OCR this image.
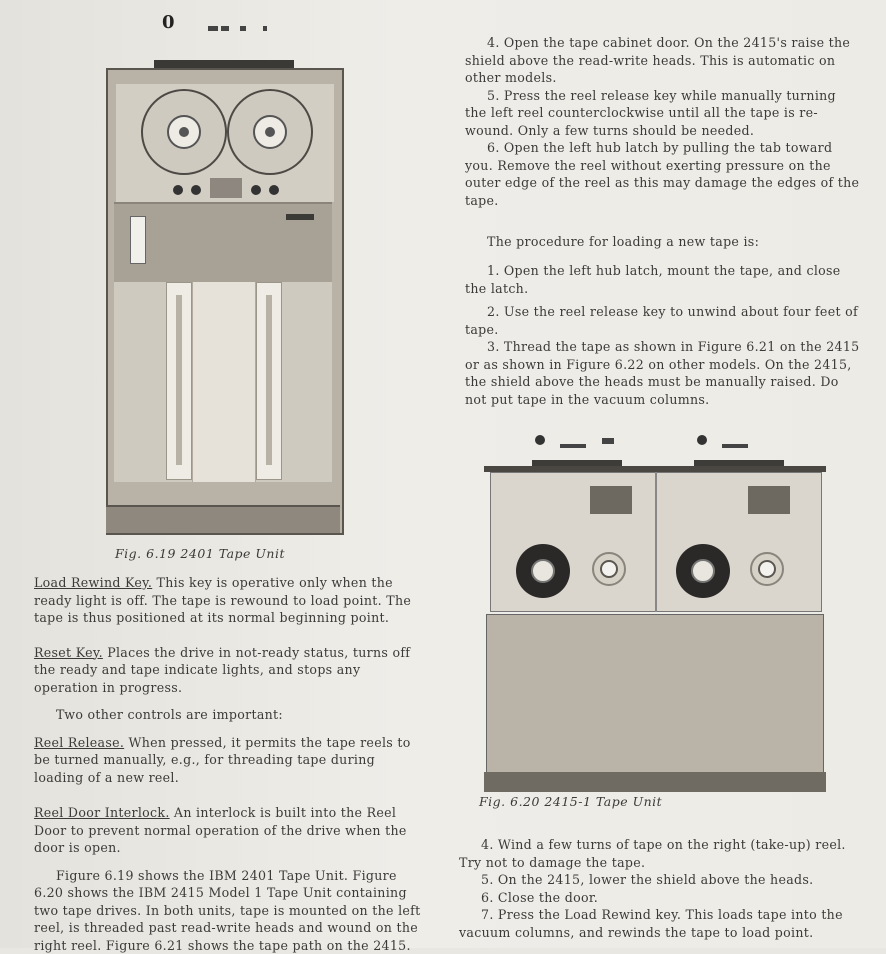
0
Fig. 6.19 2401 Tape Unit
Fig. 6.20 2415-1 Tape Unit

4. Open the tape cabinet door. On the 2415's raise the shield above the read-write heads. This is automatic on other models.

5. Press the reel release key while manually turning the left reel counterclockwise until all the tape is re-wound. Only a few turns should be needed.

6. Open the left hub latch by pulling the tab toward you. Remove the reel without exerting pressure on the outer edge of the reel as this may damage the edges of the tape.

The procedure for loading a new tape is:

1. Open the left hub latch, mount the tape, and close the latch.

2. Use the reel release key to unwind about four feet of tape.

3. Thread the tape as shown in Figure 6.21 on the 2415 or as shown in Figure 6.22 on other models. On the 2415, the shield above the heads must be manually raised. Do not put tape in the vacuum columns.

4. Wind a few turns of tape on the right (take-up) reel. Try not to damage the tape.

5. On the 2415, lower the shield above the heads.

6. Close the door.

7. Press the Load Rewind key. This loads tape into the vacuum columns, and rewinds the tape to load point.

Load Rewind Key. This key is operative only when the ready light is off. The tape is rewound to load point. The tape is thus positioned at its normal beginning point.

Reset Key. Places the drive in not-ready status, turns off the ready and tape indicate lights, and stops any operation in progress.

Two other controls are important:

Reel Release. When pressed, it permits the tape reels to be turned manually, e.g., for threading tape during loading of a new reel.

Reel Door Interlock. An interlock is built into the Reel Door to prevent normal operation of the drive when the door is open.

Figure 6.19 shows the IBM 2401 Tape Unit. Figure 6.20 shows the IBM 2415 Model 1 Tape Unit containing two tape drives. In both units, tape is mounted on the left reel, is threaded past read-write heads and wound on the right reel. Figure 6.21 shows the tape path on the 2415.
